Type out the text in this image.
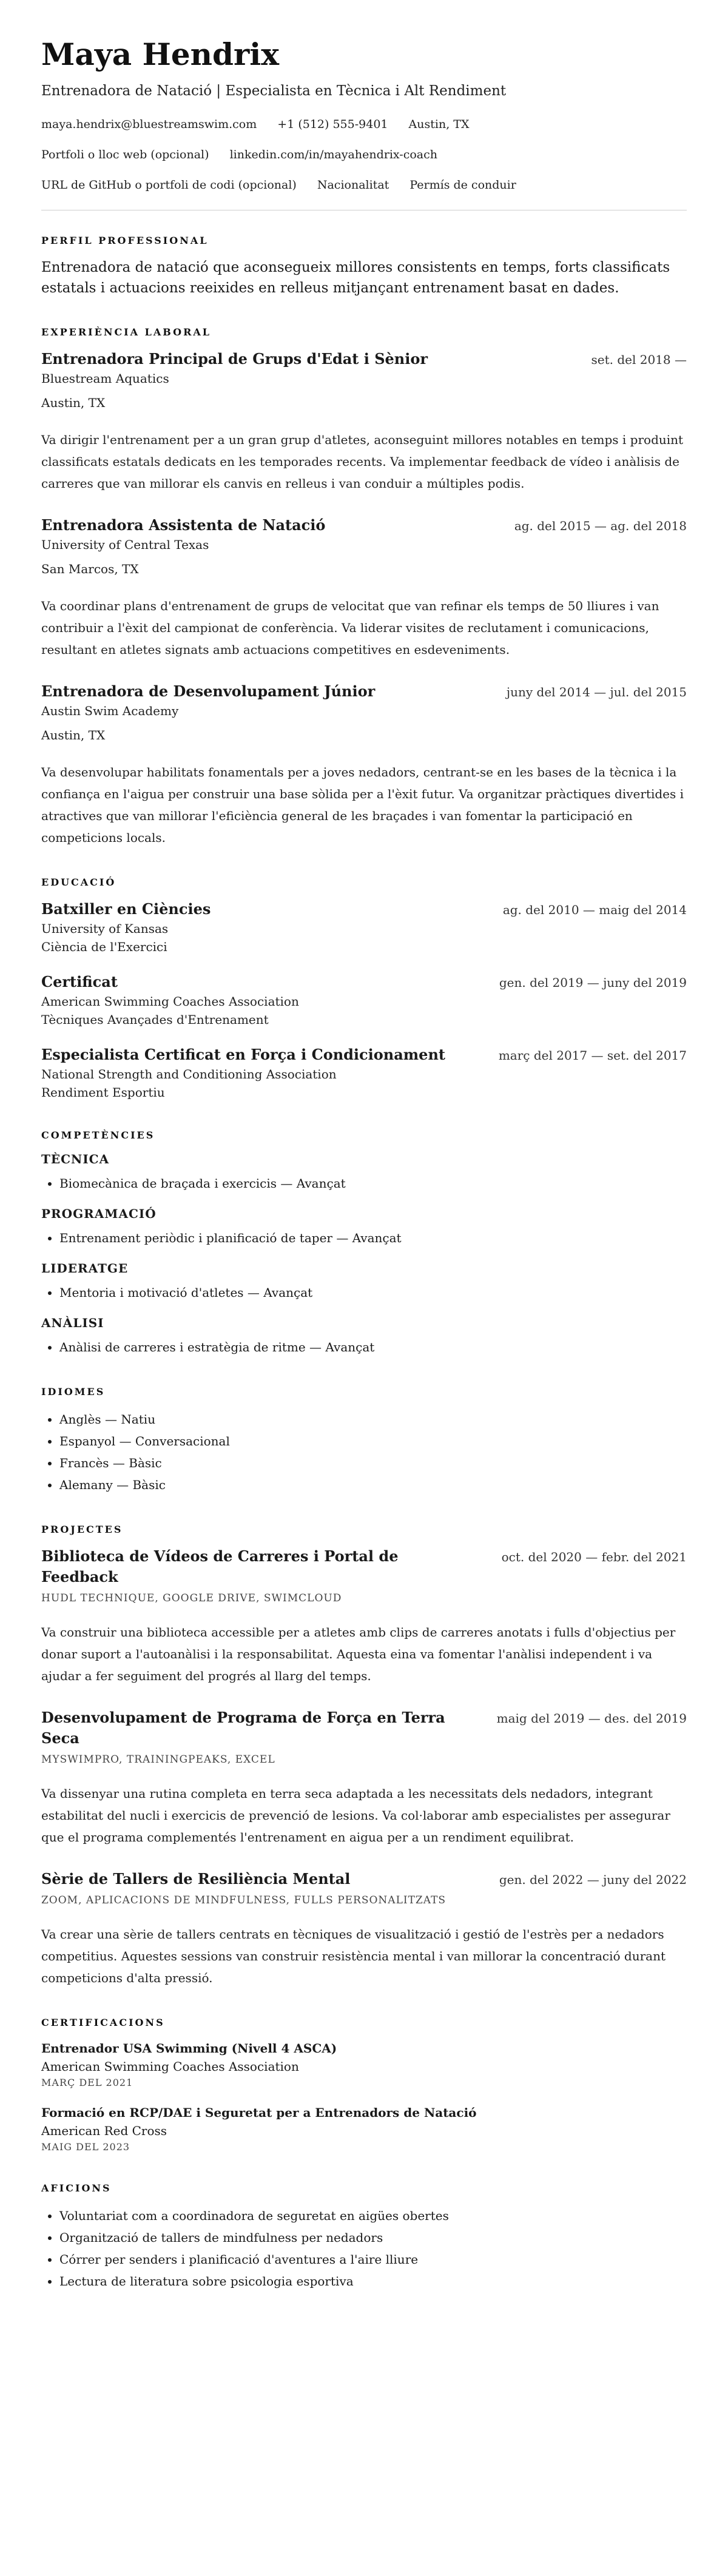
Maya Hendrix
Entrenadora de Natació | Especialista en Tècnica i Alt Rendiment
maya.hendrix@bluestreamswim.com +1 (512) 555-9401 Austin, TX
Portfoli o lloc web (opcional) linkedin.com/in/mayahendrix-coach
URL de GitHub o portfoli de codi (opcional) Nacionalitat Permís de conduir
PERFIL PROFESSIONAL

Entrenadora de natació que aconsegueix millores consistents en temps, forts classificats estatals i actuacions reeixides en relleus mitjançant entrenament basat en dades.

EXPERIÈNCIA LABORAL
Entrenadora Principal de Grups d'Edat i Sènior	set. del 2018 —
Bluestream Aquatics
Austin, TX

Va dirigir l'entrenament per a un gran grup d'atletes, aconseguint millores notables en temps i produint classificats estatals dedicats en les temporades recents. Va implementar feedback de vídeo i anàlisis de carreres que van millorar els canvis en relleus i van conduir a múltiples podis.

Entrenadora Assistenta de Natació	ag. del 2015 — ag. del 2018
University of Central Texas
San Marcos, TX

Va coordinar plans d'entrenament de grups de velocitat que van refinar els temps de 50 lliures i van contribuir a l'èxit del campionat de conferència. Va liderar visites de reclutament i comunicacions, resultant en atletes signats amb actuacions competitives en esdeveniments.

Entrenadora de Desenvolupament Júnior	juny del 2014 — jul. del 2015
Austin Swim Academy
Austin, TX

Va desenvolupar habilitats fonamentals per a joves nedadors, centrant-se en les bases de la tècnica i la confiança en l'aigua per construir una base sòlida per a l'èxit futur. Va organitzar pràctiques divertides i atractives que van millorar l'eficiència general de les braçades i van fomentar la participació en competicions locals.

EDUCACIÓ
Batxiller en Ciències	ag. del 2010 — maig del 2014
University of Kansas
Ciència de l'Exercici
Certificat	gen. del 2019 — juny del 2019
American Swimming Coaches Association
Tècniques Avançades d'Entrenament
Especialista Certificat en Força i Condicionament	març del 2017 — set. del 2017
National Strength and Conditioning Association
Rendiment Esportiu
COMPETÈNCIES
TÈCNICA
• Biomecànica de braçada i exercicis — Avançat
PROGRAMACIÓ
• Entrenament periòdic i planificació de taper — Avançat
LIDERATGE
• Mentoria i motivació d'atletes — Avançat
ANÀLISI
• Anàlisi de carreres i estratègia de ritme — Avançat
IDIOMES
• Anglès — Natiu
• Espanyol — Conversacional
• Francès — Bàsic
• Alemany — Bàsic
PROJECTES
Biblioteca de Vídeos de Carreres i Portal de Feedback
oct. del 2020 — febr. del 2021
HUDL TECHNIQUE, GOOGLE DRIVE, SWIMCLOUD

Va construir una biblioteca accessible per a atletes amb clips de carreres anotats i fulls d'objectius per donar suport a l'autoanàlisi i la responsabilitat. Aquesta eina va fomentar l'anàlisi independent i va ajudar a fer seguiment del progrés al llarg del temps.

Desenvolupament de Programa de Força en Terra Seca
maig del 2019 — des. del 2019
MYSWIMPRO, TRAININGPEAKS, EXCEL

Va dissenyar una rutina completa en terra seca adaptada a les necessitats dels nedadors, integrant estabilitat del nucli i exercicis de prevenció de lesions. Va col·laborar amb especialistes per assegurar que el programa complementés l'entrenament en aigua per a un rendiment equilibrat.

Sèrie de Tallers de Resiliència Mental	gen. del 2022 — juny del 2022
ZOOM, APLICACIONS DE MINDFULNESS, FULLS PERSONALITZATS

Va crear una sèrie de tallers centrats en tècniques de visualització i gestió de l'estrès per a nedadors competitius. Aquestes sessions van construir resistència mental i van millorar la concentració durant competicions d'alta pressió.

CERTIFICACIONS
Entrenador USA Swimming (Nivell 4 ASCA)
American Swimming Coaches Association
MARÇ DEL 2021
Formació en RCP/DAE i Seguretat per a Entrenadors de Natació
American Red Cross
MAIG DEL 2023
AFICIONS
• Voluntariat com a coordinadora de seguretat en aigües obertes
• Organització de tallers de mindfulness per nedadors
• Córrer per senders i planificació d'aventures a l'aire lliure
• Lectura de literatura sobre psicologia esportiva
